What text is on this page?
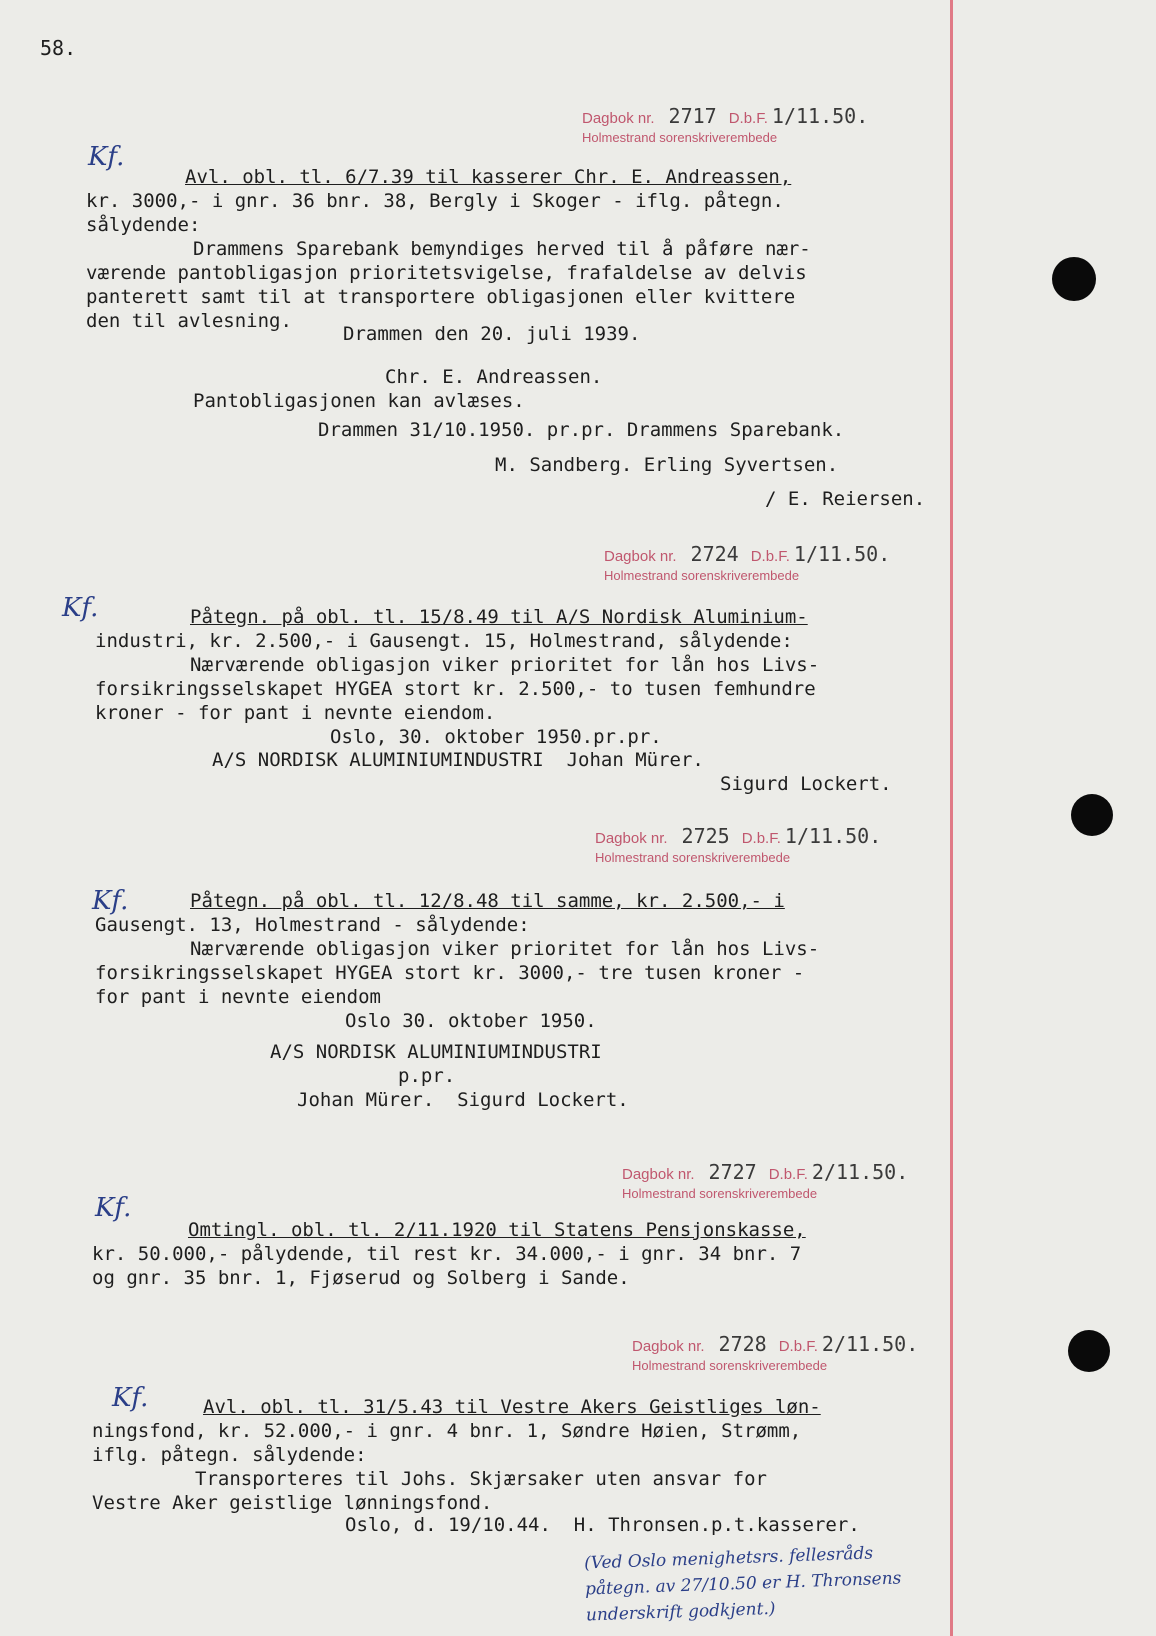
58.
Dagbok nr. 2717 D.b.F. 1/11.50.
Holmestrand sorenskriverembede
Kf.
Avl. obl. tl. 6/7.39 til kasserer Chr. E. Andreassen,
kr. 3000,- i gnr. 36 bnr. 38, Bergly i Skoger - iflg. påtegn.
sålydende:
Drammens Sparebank bemyndiges herved til å påføre nær-
værende pantobligasjon prioritetsvigelse, frafaldelse av delvis
panterett samt til at transportere obligasjonen eller kvittere
den til avlesning.
Drammen den 20. juli 1939.
Chr. E. Andreassen.
Pantobligasjonen kan avlæses.
Drammen 31/10.1950. pr.pr. Drammens Sparebank.
M. Sandberg. Erling Syvertsen.
/ E. Reiersen.
Dagbok nr. 2724 D.b.F. 1/11.50.
Holmestrand sorenskriverembede
Kf.	Påtegn. på obl. tl. 15/8.49 til A/S Nordisk Aluminium-
industri, kr. 2.500,- i Gausengt. 15, Holmestrand, sålydende:
Nærværende obligasjon viker prioritet for lån hos Livs-
forsikringsselskapet HYGEA stort kr. 2.500,- to tusen femhundre
kroner - for pant i nevnte eiendom.
Oslo, 30. oktober 1950.pr.pr.
A/S NORDISK ALUMINIUMINDUSTRI  Johan Mürer.
Sigurd Lockert.
Dagbok nr. 2725 D.b.F. 1/11.50.
Holmestrand sorenskriverembede
Kf.	Påtegn. på obl. tl. 12/8.48 til samme, kr. 2.500,- i
Gausengt. 13, Holmestrand - sålydende:
Nærværende obligasjon viker prioritet for lån hos Livs-
forsikringsselskapet HYGEA stort kr. 3000,- tre tusen kroner -
for pant i nevnte eiendom
Oslo 30. oktober 1950.
A/S NORDISK ALUMINIUMINDUSTRI
p.pr.
Johan Mürer.  Sigurd Lockert.
Dagbok nr. 2727 D.b.F. 2/11.50.
Holmestrand sorenskriverembede
Kf.
Omtingl. obl. tl. 2/11.1920 til Statens Pensjonskasse,
kr. 50.000,- pålydende, til rest kr. 34.000,- i gnr. 34 bnr. 7
og gnr. 35 bnr. 1, Fjøserud og Solberg i Sande.
Dagbok nr. 2728 D.b.F. 2/11.50.
Holmestrand sorenskriverembede
Kf.	Avl. obl. tl. 31/5.43 til Vestre Akers Geistliges løn-
ningsfond, kr. 52.000,- i gnr. 4 bnr. 1, Søndre Høien, Strømm,
iflg. påtegn. sålydende:
Transporteres til Johs. Skjærsaker uten ansvar for
Vestre Aker geistlige lønningsfond.
Oslo, d. 19/10.44.  H. Thronsen.p.t.kasserer.
(Ved Oslo menighetsrs. fellesråds
påtegn. av 27/10.50 er H. Thronsens
underskrift godkjent.)
